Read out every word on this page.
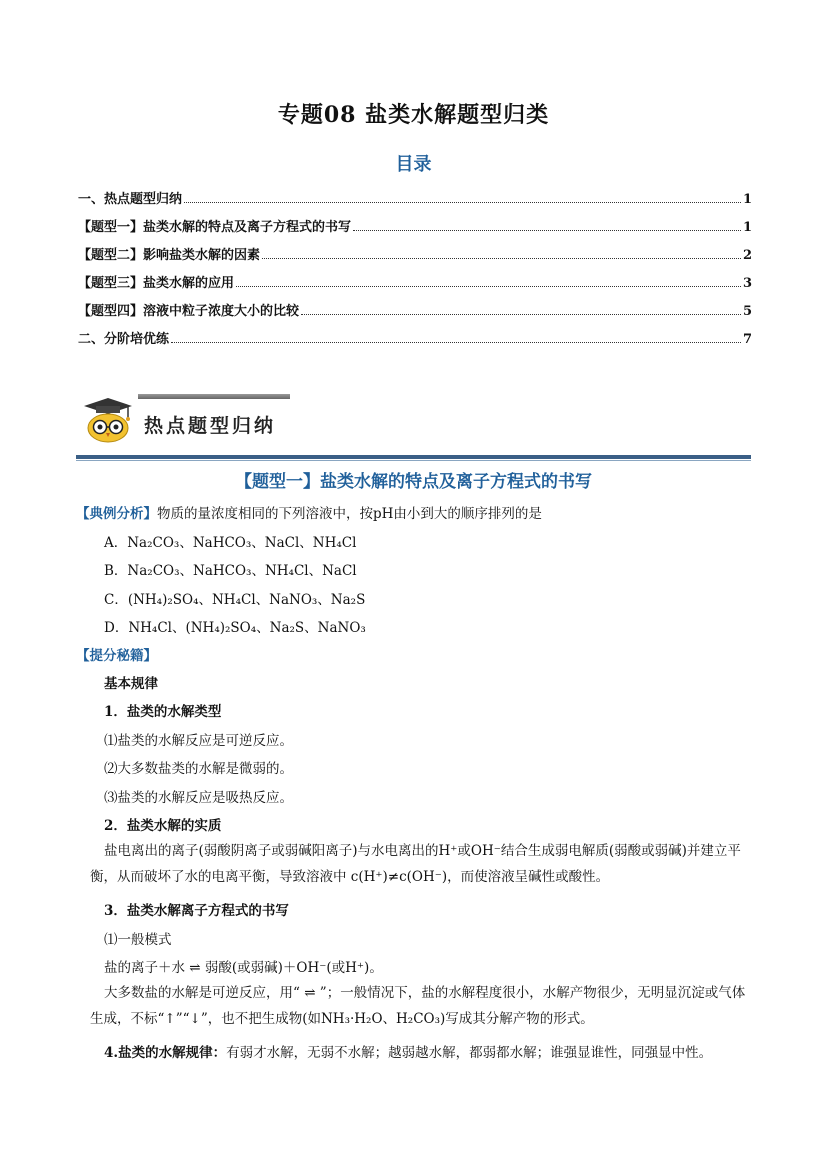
专题08 盐类水解题型归类
目录
一、热点题型归纳	1
【题型一】盐类水解的特点及离子方程式的书写	1
【题型二】影响盐类水解的因素	2
【题型三】盐类水解的应用	3
【题型四】溶液中粒子浓度大小的比较	5
二、分阶培优练	7
热点题型归纳
【题型一】盐类水解的特点及离子方程式的书写
【典例分析】物质的量浓度相同的下列溶液中，按pH由小到大的顺序排列的是
A．Na₂CO₃、NaHCO₃、NaCl、NH₄Cl
B．Na₂CO₃、NaHCO₃、NH₄Cl、NaCl
C．(NH₄)₂SO₄、NH₄Cl、NaNO₃、Na₂S
D．NH₄Cl、(NH₄)₂SO₄、Na₂S、NaNO₃
【提分秘籍】
基本规律
1．盐类的水解类型
⑴盐类的水解反应是可逆反应。
⑵大多数盐类的水解是微弱的。
⑶盐类的水解反应是吸热反应。
2．盐类水解的实质
盐电离出的离子(弱酸阴离子或弱碱阳离子)与水电离出的H⁺或OH⁻结合生成弱电解质(弱酸或弱碱)并建立平衡，从而破坏了水的电离平衡，导致溶液中 c(H⁺)≠c(OH⁻)，而使溶液呈碱性或酸性。
3．盐类水解离子方程式的书写
⑴一般模式
盐的离子＋水 ⇌ 弱酸(或弱碱)＋OH⁻(或H⁺)。
大多数盐的水解是可逆反应，用“ ⇌ ”；一般情况下，盐的水解程度很小，水解产物很少，无明显沉淀或气体生成，不标“↑”“↓”，也不把生成物(如NH₃·H₂O、H₂CO₃)写成其分解产物的形式。
4.盐类的水解规律：有弱才水解，无弱不水解；越弱越水解，都弱都水解；谁强显谁性，同强显中性。
